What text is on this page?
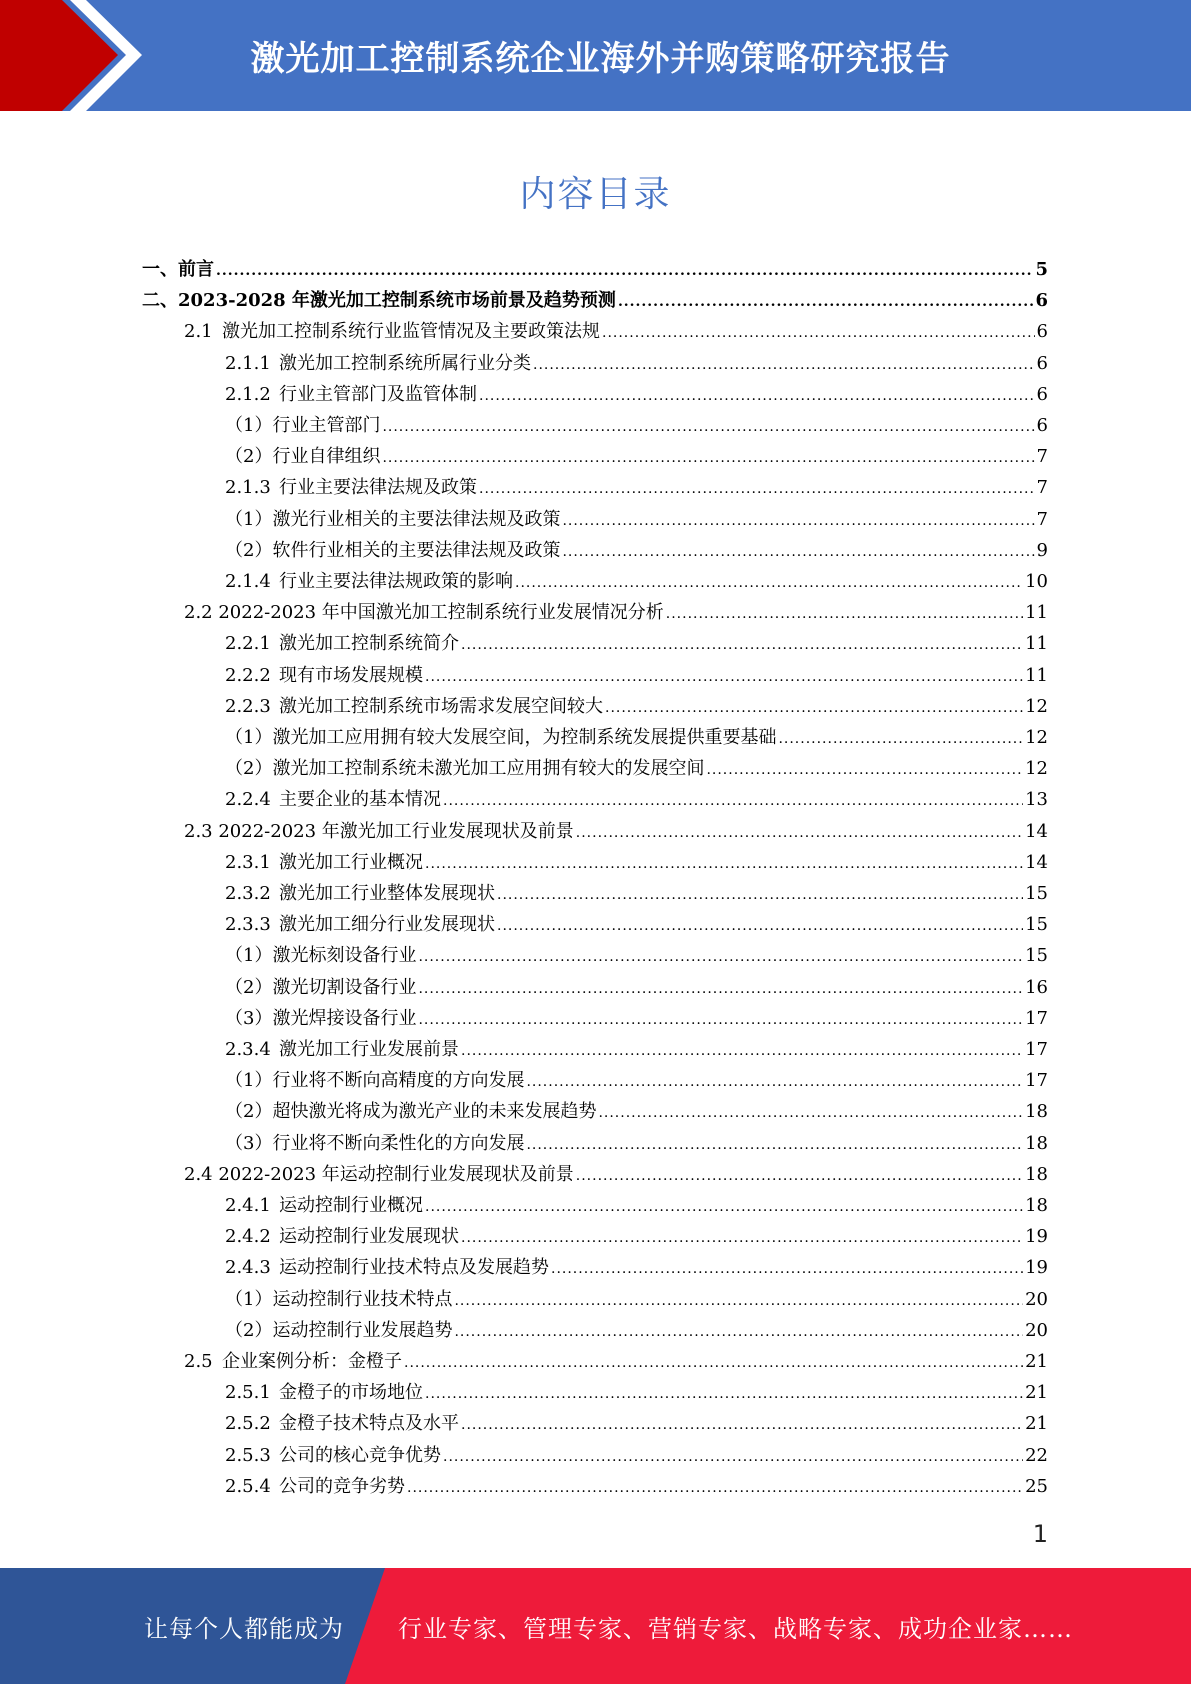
激光加工控制系统企业海外并购策略研究报告
内容目录
一、前言 .....	5
二、2023-2028 年激光加工控制系统市场前景及趋势预测 .....	6
2.1 激光加工控制系统行业监管情况及主要政策法规 .....	6
2.1.1 激光加工控制系统所属行业分类 .....	6
2.1.2 行业主管部门及监管体制 .....	6
（1）行业主管部门 .....	6
（2）行业自律组织 .....	7
2.1.3 行业主要法律法规及政策 .....	7
（1）激光行业相关的主要法律法规及政策 .....	7
（2）软件行业相关的主要法律法规及政策 .....	9
2.1.4 行业主要法律法规政策的影响 .....	10
2.2 2022-2023 年中国激光加工控制系统行业发展情况分析 .....	11
2.2.1 激光加工控制系统简介 .....	11
2.2.2 现有市场发展规模 .....	11
2.2.3 激光加工控制系统市场需求发展空间较大 .....	12
（1）激光加工应用拥有较大发展空间，为控制系统发展提供重要基础 .....	12
（2）激光加工控制系统未激光加工应用拥有较大的发展空间 .....	12
2.2.4 主要企业的基本情况 .....	13
2.3 2022-2023 年激光加工行业发展现状及前景 .....	14
2.3.1 激光加工行业概况 .....	14
2.3.2 激光加工行业整体发展现状 .....	15
2.3.3 激光加工细分行业发展现状 .....	15
（1）激光标刻设备行业 .....	15
（2）激光切割设备行业 .....	16
（3）激光焊接设备行业 .....	17
2.3.4 激光加工行业发展前景 .....	17
（1）行业将不断向高精度的方向发展 .....	17
（2）超快激光将成为激光产业的未来发展趋势 .....	18
（3）行业将不断向柔性化的方向发展 .....	18
2.4 2022-2023 年运动控制行业发展现状及前景 .....	18
2.4.1 运动控制行业概况 .....	18
2.4.2 运动控制行业发展现状 .....	19
2.4.3 运动控制行业技术特点及发展趋势 .....	19
（1）运动控制行业技术特点 .....	20
（2）运动控制行业发展趋势 .....	20
2.5 企业案例分析：金橙子 .....	21
2.5.1 金橙子的市场地位 .....	21
2.5.2 金橙子技术特点及水平 .....	21
2.5.3 公司的核心竞争优势 .....	22
2.5.4 公司的竞争劣势 .....	25
1
让每个人都能成为 行业专家、管理专家、营销专家、战略专家、成功企业家……
